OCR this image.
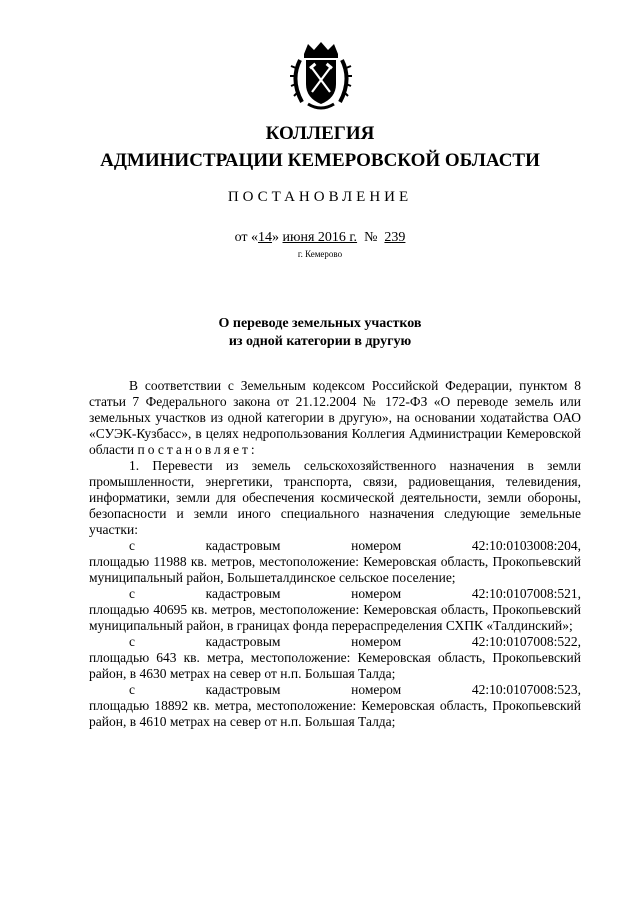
КОЛЛЕГИЯ
АДМИНИСТРАЦИИ КЕМЕРОВСКОЙ ОБЛАСТИ
ПОСТАНОВЛЕНИЕ
от «14» июня 2016 г.  №  239
г. Кемерово
О переводе земельных участков
из одной категории в другую

В соответствии с Земельным кодексом Российской Федерации, пунктом 8 статьи 7 Федерального закона от 21.12.2004 № 172-ФЗ «О переводе земель или земельных участков из одной категории в другую», на основании ходатайства ОАО «СУЭК-Кузбасс», в целях недропользования Коллегия Администрации Кемеровской области постановляет:

1. Перевести из земель сельскохозяйственного назначения в земли промышленности, энергетики, транспорта, связи, радиовещания, телевидения, информатики, земли для обеспечения космической деятельности, земли обороны, безопасности и земли иного специального назначения следующие земельные участки:

с кадастровым номером 42:10:0103008:204,

площадью 11988 кв. метров, местоположение: Кемеровская область, Прокопьевский муниципальный район, Большеталдинское сельское поселение;

с кадастровым номером 42:10:0107008:521,

площадью 40695 кв. метров, местоположение: Кемеровская область, Прокопьевский муниципальный район, в границах фонда перераспределения СХПК «Талдинский»;

с кадастровым номером 42:10:0107008:522,

площадью 643 кв. метра, местоположение: Кемеровская область, Прокопьевский район, в 4630 метрах на север от н.п. Большая Талда;

с кадастровым номером 42:10:0107008:523,

площадью 18892 кв. метра, местоположение: Кемеровская область, Прокопьевский район, в 4610 метрах на север от н.п. Большая Талда;
